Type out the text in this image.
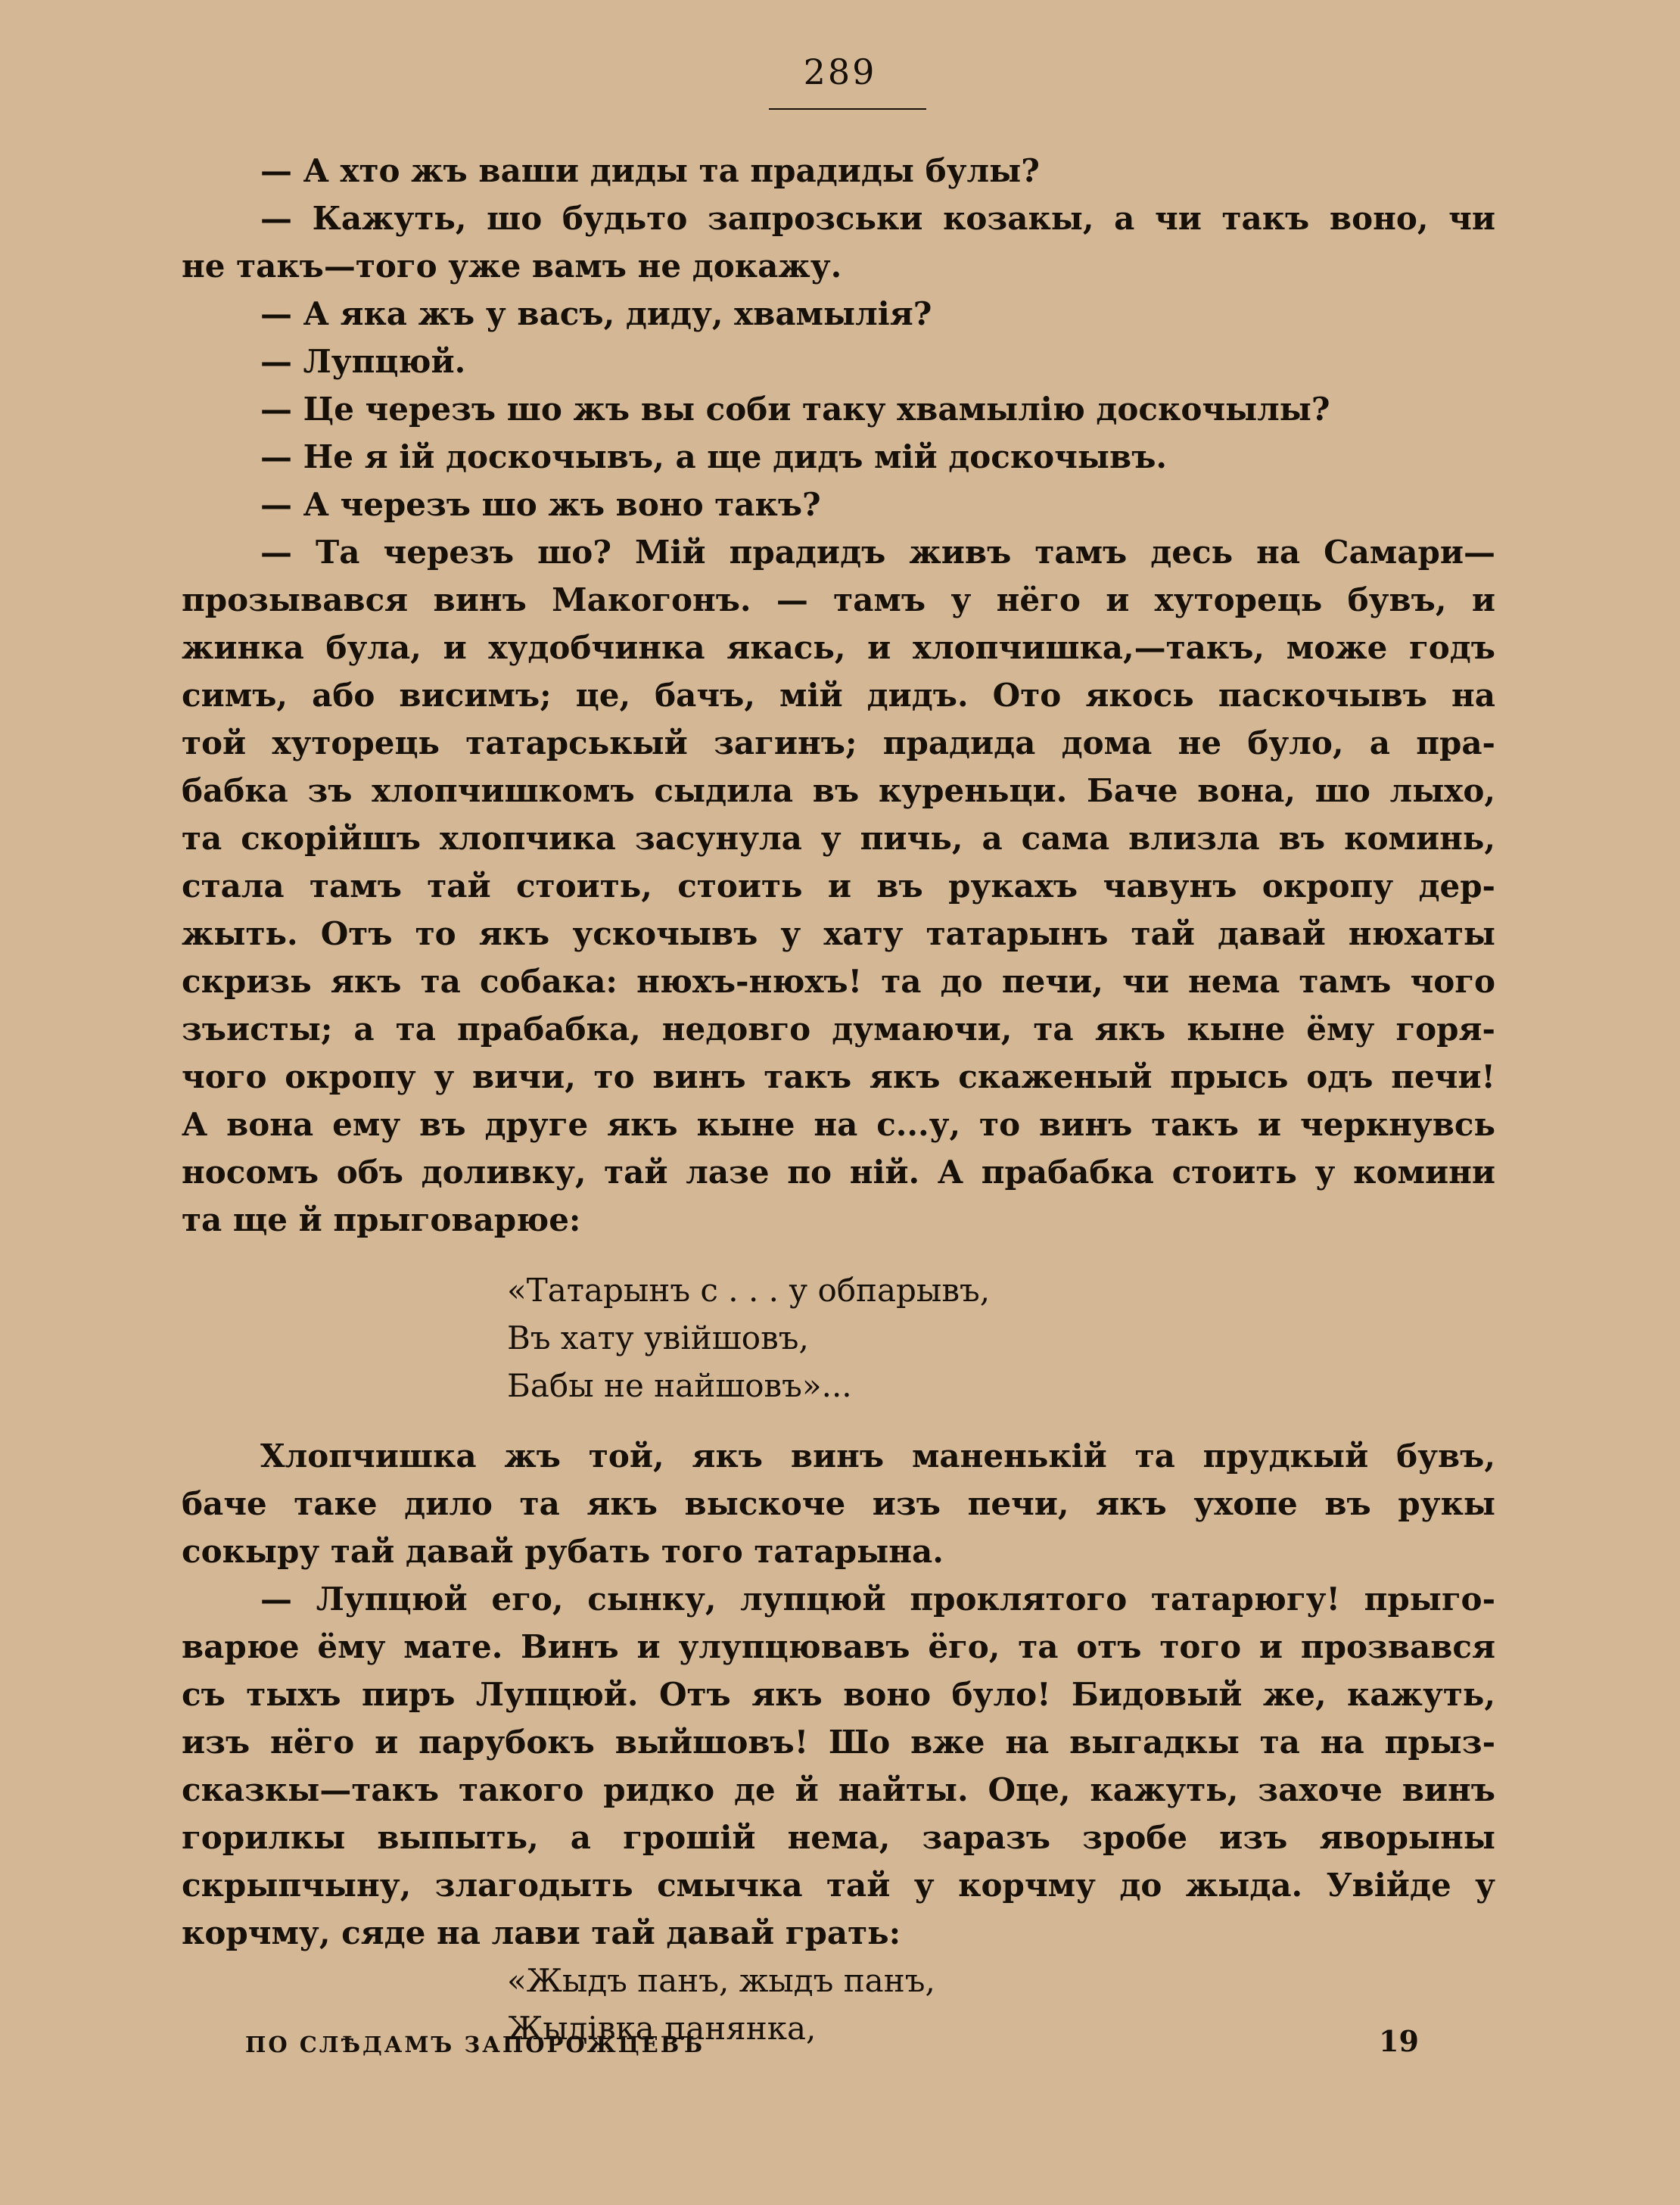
289
— А хто жъ ваши диды та прадиды булы?
— Кажуть, шо будьто запрозськи козакы, а чи такъ воно, чи
не такъ—того уже вамъ не докажу.
— А яка жъ у васъ, диду, хвамылія?
— Лупцюй.
— Це черезъ шо жъ вы соби таку хвамылію доскочылы?
— Не я ій доскочывъ, а ще дидъ мій доскочывъ.
— А черезъ шо жъ воно такъ?
— Та черезъ шо? Мій прадидъ живъ тамъ десь на Самари—
прозывався винъ Макогонъ. — тамъ у нёго и хуторець бувъ, и
жинка була, и худобчинка якась, и хлопчишка,—такъ, може годъ
симъ, або висимъ; це, бачъ, мій дидъ. Ото якось паскочывъ на
той хуторець татарськый загинъ; прадида дома не було, а пра-
бабка зъ хлопчишкомъ сыдила въ куреньци. Баче вона, шо лыхо,
та скорійшъ хлопчика засунула у пичь, а сама влизла въ коминь,
стала тамъ тай стоить, стоить и въ рукахъ чавунъ окропу дер-
жыть. Отъ то якъ ускочывъ у хату татарынъ тай давай нюхаты
скризь якъ та собака: нюхъ-нюхъ! та до печи, чи нема тамъ чого
зъисты; а та прабабка, недовго думаючи, та якъ кыне ёму горя-
чого окропу у вичи, то винъ такъ якъ скаженый прысь одъ печи!
А вона ему въ друге якъ кыне на с...у, то винъ такъ и черкнувсь
носомъ объ доливку, тай лазе по ній. А прабабка стоить у комини
та ще й прыговарюе:
«Татарынъ с . . . у обпарывъ,
Въ хату увійшовъ,
Бабы не найшовъ»...
Хлопчишка жъ той, якъ винъ маненькій та прудкый бувъ,
баче таке дило та якъ выскоче изъ печи, якъ ухопе въ рукы
сокыру тай давай рубать того татарына.
— Лупцюй его, сынку, лупцюй проклятого татарюгу! прыго-
варюе ёму мате. Винъ и улупцювавъ ёго, та отъ того и прозвався
съ тыхъ пиръ Лупцюй. Отъ якъ воно було! Бидовый же, кажуть,
изъ нёго и парубокъ выйшовъ! Шо вже на выгадкы та на прыз-
сказкы—такъ такого ридко де й найты. Оце, кажуть, захоче винъ
горилкы выпыть, а грошій нема, заразъ зробе изъ яворыны
скрыпчыну, злагодыть смычка тай у корчму до жыда. Увійде у
корчму, сяде на лави тай давай грать:
«Жыдъ панъ, жыдъ панъ,
Жыдівка панянка,
ПО СЛѢДАМЪ ЗАПОРОЖЦЕВЪ	19
